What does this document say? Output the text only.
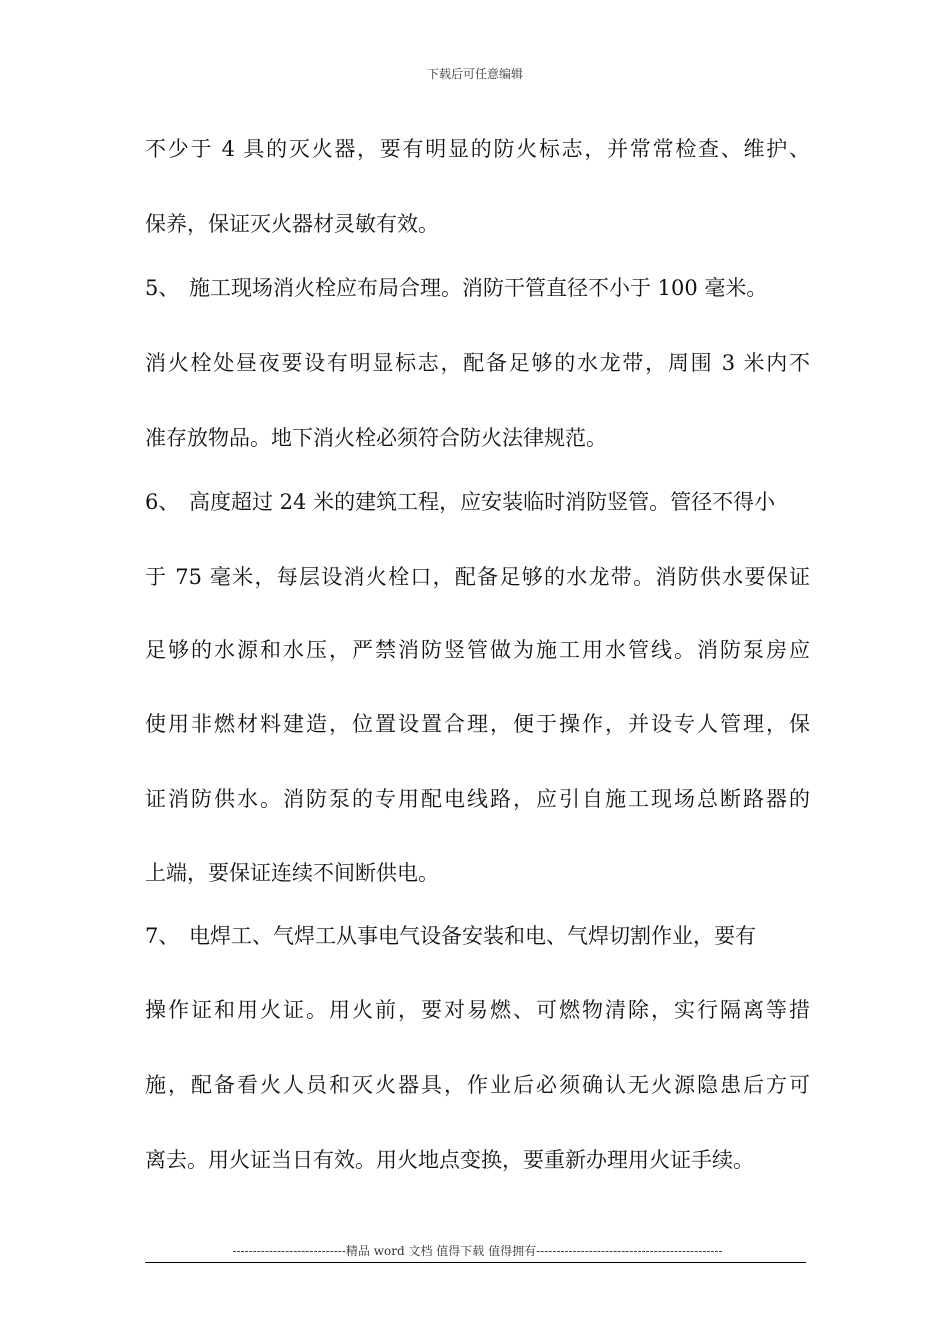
下载后可任意编辑
不少于 4 具的灭火器，要有明显的防火标志，并常常检查、维护、
保养，保证灭火器材灵敏有效。
5、 施工现场消火栓应布局合理。消防干管直径不小于 100 毫米。
消火栓处昼夜要设有明显标志，配备足够的水龙带，周围 3 米内不
准存放物品。地下消火栓必须符合防火法律规范。
6、 高度超过 24 米的建筑工程，应安装临时消防竖管。管径不得小
于 75 毫米，每层设消火栓口，配备足够的水龙带。消防供水要保证
足够的水源和水压，严禁消防竖管做为施工用水管线。消防泵房应
使用非燃材料建造，位置设置合理，便于操作，并设专人管理，保
证消防供水。消防泵的专用配电线路，应引自施工现场总断路器的
上端，要保证连续不间断供电。
7、 电焊工、气焊工从事电气设备安装和电、气焊切割作业，要有
操作证和用火证。用火前，要对易燃、可燃物清除，实行隔离等措
施，配备看火人员和灭火器具，作业后必须确认无火源隐患后方可
离去。用火证当日有效。用火地点变换，要重新办理用火证手续。
----------------------------精品 word 文档 值得下载 值得拥有----------------------------------------------
